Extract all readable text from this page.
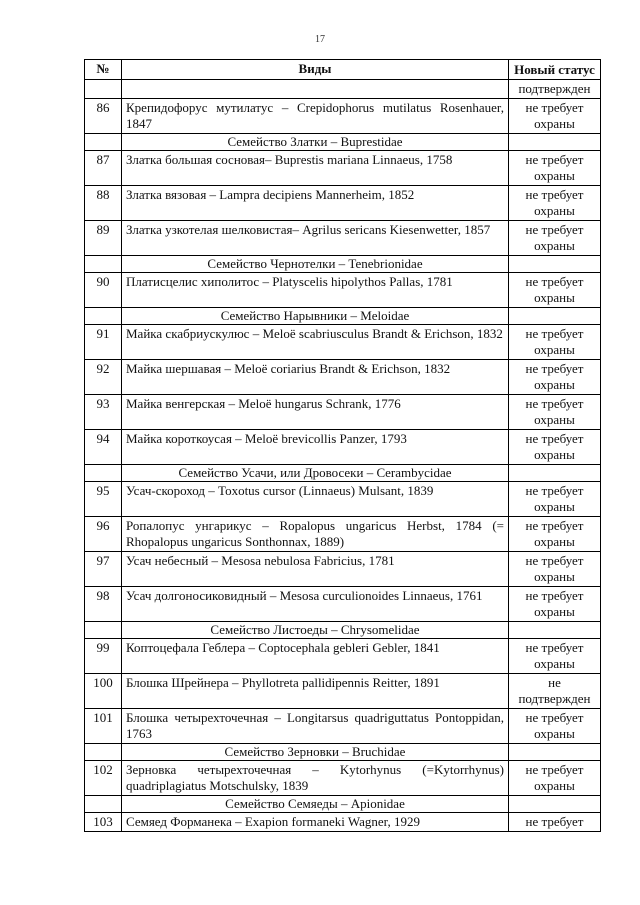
17
№	Виды	Новый статус
		подтвержден
86	Крепидофорус мутилатус – Crepidophorus mutilatus Rosenhauer, 1847	не требует охраны
	Семейство Златки – Buprestidae	
87	Златка большая сосновая– Buprestis mariana Linnaeus, 1758	не требует охраны
88	Златка вязовая – Lampra decipiens Mannerheim, 1852	не требует охраны
89	Златка узкотелая шелковистая– Agrilus sericans Kiesenwetter, 1857	не требует охраны
	Семейство Чернотелки – Tenebrionidae	
90	Платисцелис хиполитос – Platyscelis hipolythos Pallas, 1781	не требует охраны
	Семейство Нарывники – Meloidae	
91	Майка скабриускулюс – Meloë scabriusculus Brandt & Erichson, 1832	не требует охраны
92	Майка шершавая – Meloë coriarius Brandt & Erichson, 1832	не требует охраны
93	Майка венгерская – Meloë hungarus Schrank, 1776	не требует охраны
94	Майка короткоусая – Meloë brevicollis Panzer, 1793	не требует охраны
	Семейство Усачи, или Дровосеки – Cerambycidae	
95	Усач-скороход – Toxotus cursor (Linnaeus) Mulsant, 1839	не требует охраны
96	Ропалопус унгарикус – Ropalopus ungaricus Herbst, 1784 (= Rhopalopus ungaricus Sonthonnax, 1889)	не требует охраны
97	Усач небесный – Mesosa nebulosa Fabricius, 1781	не требует охраны
98	Усач долгоносиковидный – Mesosa curculionoides Linnaeus, 1761	не требует охраны
	Семейство Листоеды – Chrysomelidae	
99	Коптоцефала Геблера – Coptocephala gebleri Gebler, 1841	не требует охраны
100	Блошка Шрейнера – Phyllotreta pallidipennis Reitter, 1891	не подтвержден
101	Блошка четырехточечная – Longitarsus quadriguttatus Pontoppidan, 1763	не требует охраны
	Семейство Зерновки – Bruchidae	
102	Зерновка четырехточечная – Kytorhynus (=Kytorrhynus) quadriplagiatus Motschulsky, 1839	не требует охраны
	Семейство Семяеды – Apionidae	
103	Семяед Форманека – Exapion formaneki Wagner, 1929	не требует
